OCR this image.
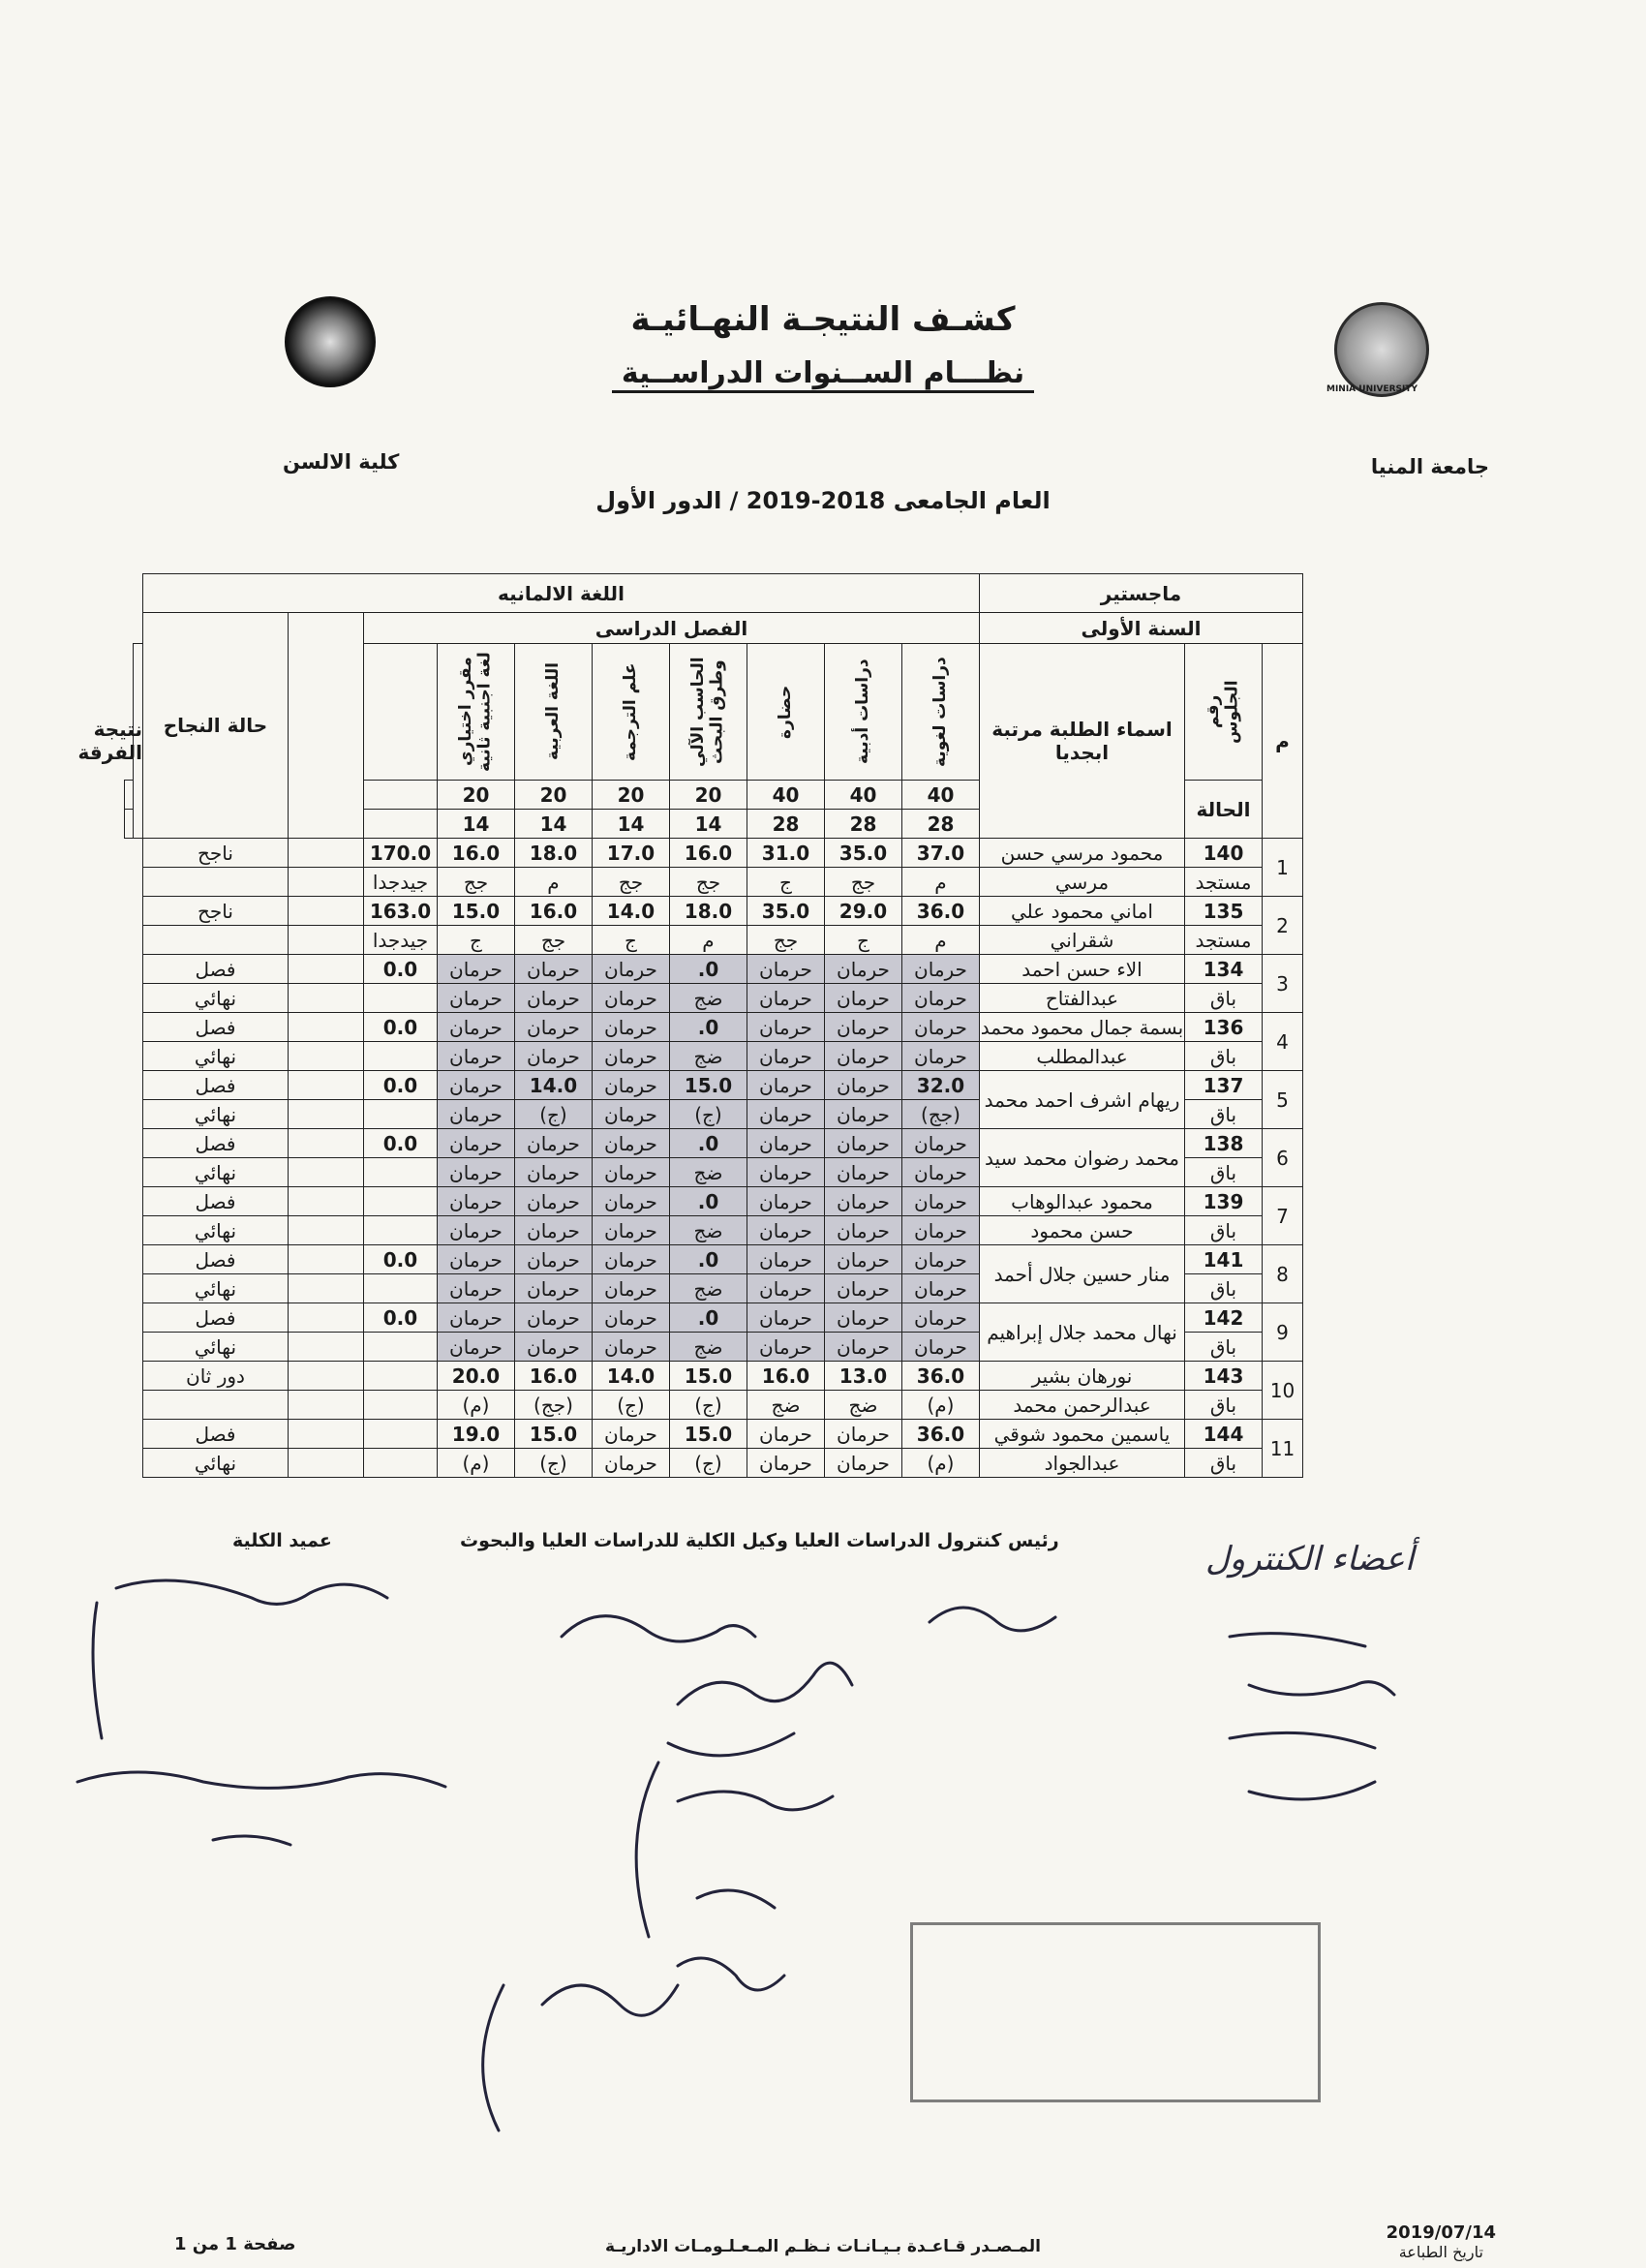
MINIA UNIVERSITY
كشـف النتيجـة النهـائيـة
نظـــام الســنوات الدراســية
جامعة المنيا
كلية الالسن
العام الجامعى 2018-2019 / الدور الأول
ماجستير			اللغة الالمانيه											
السنة الأولى			الفصل الدراسى									حالة النجاح		
م	رقم الجلوس	اسماء الطلبة مرتبة ابجديا	دراسات لغوية	دراسات أدبية	حضارة	الحاسب الآلي وطرق البحث	علم الترجمة	اللغة العربية	مقرر اختياري لغة اجنبية ثانية				نتيجة الفرقة	
	الحالة		40	40	40	20	20	20	20					
			28	28	28	14	14	14	14					
1	140	محمود مرسي حسن	37.0	35.0	31.0	16.0	17.0	18.0	16.0	170.0		ناجح		
	مستجد	مرسي	م	جج	ج	جج	جج	م	جج	جيدجدا				
2	135	اماني محمود علي	36.0	29.0	35.0	18.0	14.0	16.0	15.0	163.0		ناجح		
	مستجد	شقراني	م	ج	جج	م	ج	جج	ج	جيدجدا				
3	134	الاء حسن احمد	حرمان	حرمان	حرمان	0.	حرمان	حرمان	حرمان	0.0		فصل		
	باق	عبدالفتاح	حرمان	حرمان	حرمان	ضج	حرمان	حرمان	حرمان			نهائي		
4	136	بسمة جمال محمود محمد	حرمان	حرمان	حرمان	0.	حرمان	حرمان	حرمان	0.0		فصل		
	باق	عبدالمطلب	حرمان	حرمان	حرمان	ضج	حرمان	حرمان	حرمان			نهائي		
5	137	ريهام اشرف احمد محمد	32.0	حرمان	حرمان	15.0	حرمان	14.0	حرمان	0.0		فصل		
	باق		(جج)	حرمان	حرمان	(ج)	حرمان	(ج)	حرمان			نهائي		
6	138	محمد رضوان محمد سيد	حرمان	حرمان	حرمان	0.	حرمان	حرمان	حرمان	0.0		فصل		
	باق		حرمان	حرمان	حرمان	ضج	حرمان	حرمان	حرمان			نهائي		
7	139	محمود عبدالوهاب	حرمان	حرمان	حرمان	0.	حرمان	حرمان	حرمان			فصل		
	باق	حسن محمود	حرمان	حرمان	حرمان	ضج	حرمان	حرمان	حرمان			نهائي		
8	141	منار حسين جلال أحمد	حرمان	حرمان	حرمان	0.	حرمان	حرمان	حرمان	0.0		فصل		
	باق		حرمان	حرمان	حرمان	ضج	حرمان	حرمان	حرمان			نهائي		
9	142	نهال محمد جلال إبراهيم	حرمان	حرمان	حرمان	0.	حرمان	حرمان	حرمان	0.0		فصل		
	باق		حرمان	حرمان	حرمان	ضج	حرمان	حرمان	حرمان			نهائي		
10	143	نورهان بشير	36.0	13.0	16.0	15.0	14.0	16.0	20.0			دور ثان		
	باق	عبدالرحمن محمد	(م)	ضج	ضج	(ج)	(ج)	(جج)	(م)					
11	144	ياسمين محمود شوقي	36.0	حرمان	حرمان	15.0	حرمان	15.0	19.0			فصل		
	باق	عبدالجواد	(م)	حرمان	حرمان	(ج)	حرمان	(ج)	(م)			نهائي		
رئيس كنترول الدراسات العليا وكيل الكلية للدراسات العليا والبحوث
عميد الكلية	أعضاء الكنترول
المـصـدر قـاعـدة بـيـانـات نـظـم المـعـلـومـات الاداريـة
صفحة 1 من 1
2019/07/14
تاريخ الطباعة
